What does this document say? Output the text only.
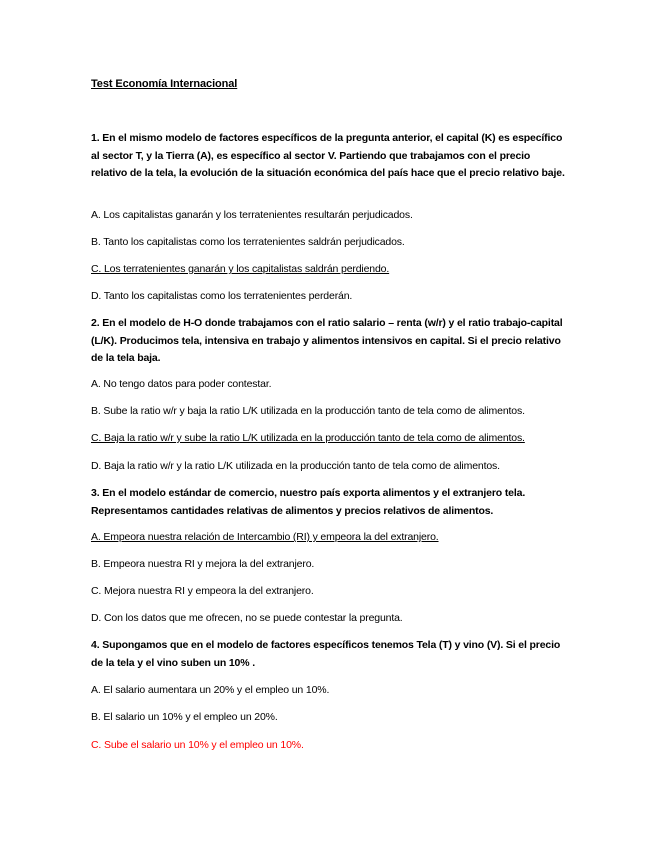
Test Economía Internacional
1. En el mismo modelo de factores específicos de la pregunta anterior, el capital (K) es específico al sector T, y la Tierra (A), es específico al sector V. Partiendo que trabajamos con el precio relativo de la tela, la evolución de la situación económica del país hace que el precio relativo baje.
A. Los capitalistas ganarán y los terratenientes resultarán perjudicados.
B. Tanto los capitalistas como los terratenientes saldrán perjudicados.
C. Los terratenientes ganarán y los capitalistas saldrán perdiendo.
D. Tanto los capitalistas como los terratenientes perderán.
2. En el modelo de H-O donde trabajamos con el ratio salario – renta (w/r) y el ratio trabajo-capital (L/K). Producimos tela, intensiva en trabajo y alimentos intensivos en capital. Si el precio relativo de la tela baja.
A. No tengo datos para poder contestar.
B. Sube la ratio w/r y baja la ratio L/K utilizada en la producción tanto de tela como de alimentos.
C. Baja la ratio w/r y sube la ratio L/K utilizada en la producción tanto de tela como de alimentos.
D. Baja la ratio w/r y la ratio L/K utilizada en la producción tanto de tela como de alimentos.
3. En el modelo estándar de comercio, nuestro país exporta alimentos y el extranjero tela. Representamos cantidades relativas de alimentos y precios relativos de alimentos.
A. Empeora nuestra relación de Intercambio (RI) y empeora la del extranjero.
B. Empeora nuestra RI y mejora la del extranjero.
C. Mejora nuestra RI y empeora la del extranjero.
D. Con los datos que me ofrecen, no se puede contestar la pregunta.
4. Supongamos que en el modelo de factores específicos tenemos Tela (T) y vino (V). Si el precio de la tela y el vino suben un 10% .
A. El salario aumentara un 20% y el empleo un 10%.
B. El salario un 10% y el empleo un 20%.
C. Sube el salario un 10% y el empleo un 10%.
